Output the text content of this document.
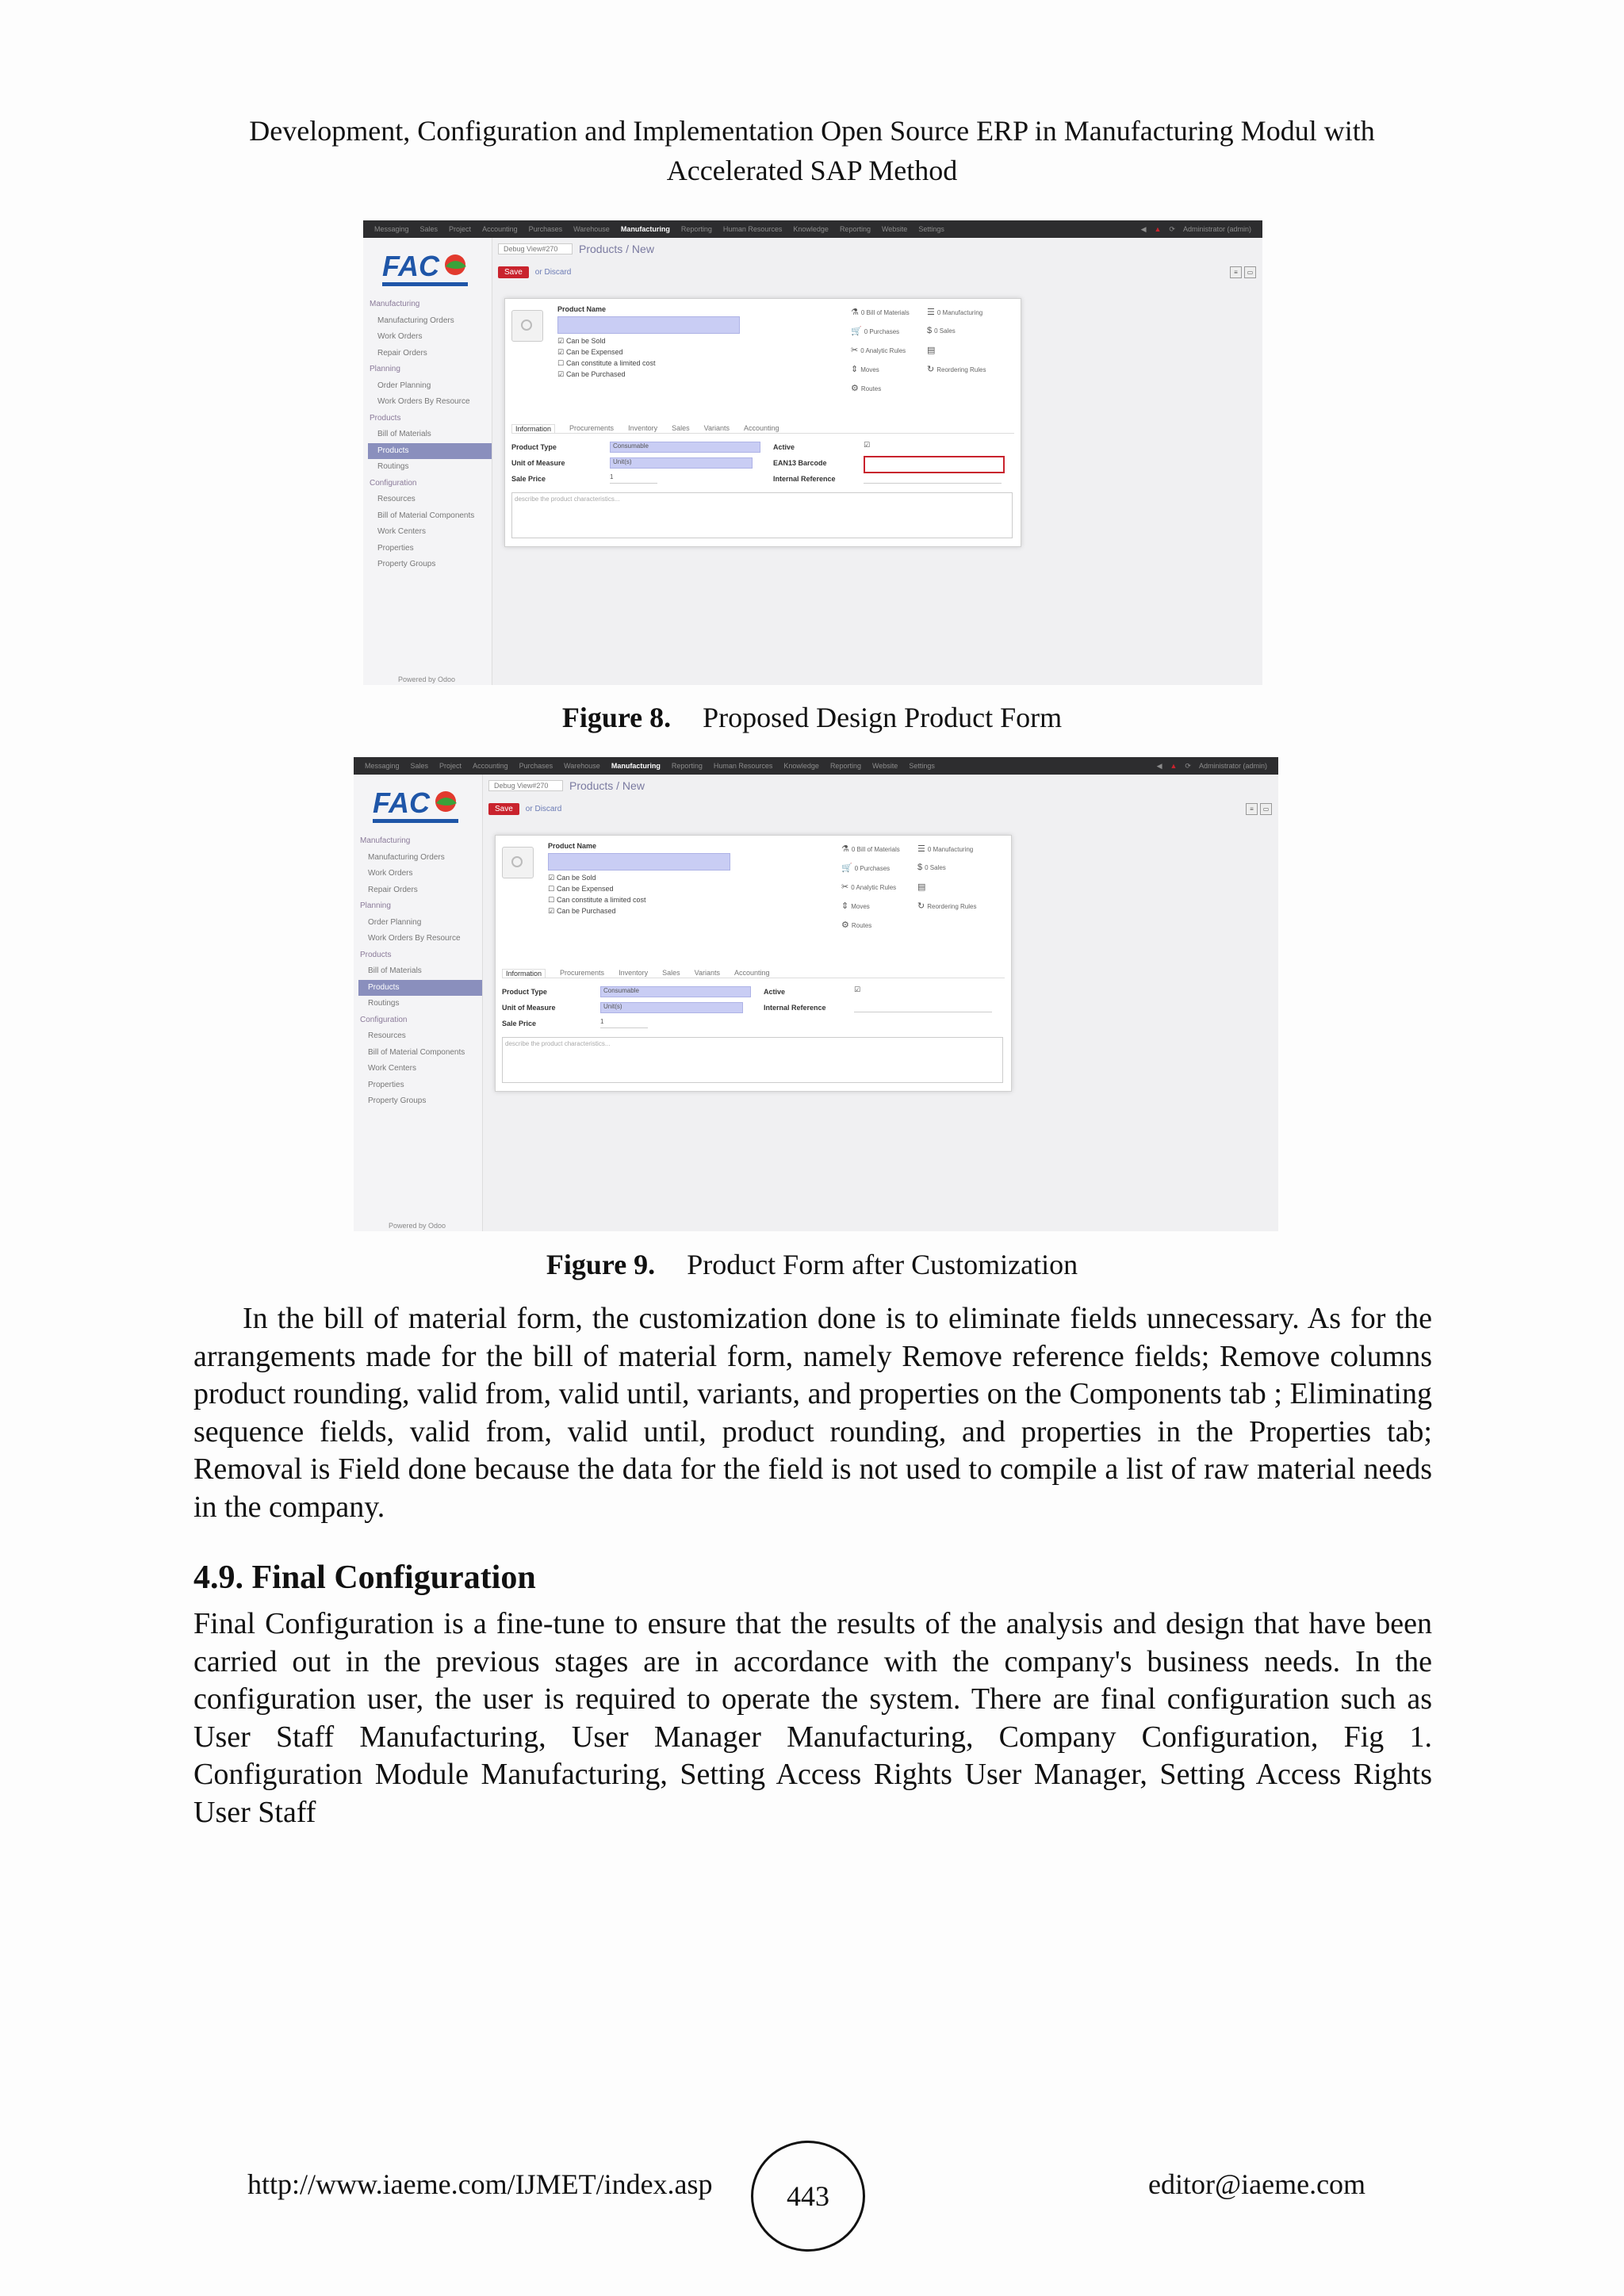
Development, Configuration and Implementation Open Source ERP in Manufacturing Modul with
Accelerated SAP Method
Messaging Sales Project Accounting Purchases Warehouse Manufacturing Reporting Human Resources Knowledge Reporting Website Settings	◀ ▲ ⟳ Administrator (admin)
FAC
Manufacturing
Manufacturing Orders
Work Orders
Repair Orders
Planning
Order Planning
Work Orders By Resource
Products
Bill of Materials
Products
Routings
Configuration
Resources
Bill of Material Components
Work Centers
Properties
Property Groups
Powered by Odoo
Debug View#270	Products / New
Save	or Discard	≡	▭
Product Name
☑ Can be Sold
☑ Can be Expensed
☐ Can constitute a limited cost
☑ Can be Purchased
⚗ 0 Bill of Materials ☰ 0 Manufacturing
🛒 0 Purchases	$ 0 Sales
✂ 0 Analytic Rules ▤
⇕ Moves	↻ Reordering Rules
⚙ Routes
Information	Procurements Inventory Sales Variants Accounting
Product Type	Consumable
Unit of Measure	Unit(s)
Sale Price	1
Active	☑
EAN13 Barcode
Internal Reference
describe the product characteristics...
Figure 8. Proposed Design Product Form
Messaging Sales Project Accounting Purchases Warehouse Manufacturing Reporting Human Resources Knowledge Reporting Website Settings	◀ ▲ ⟳ Administrator (admin)
FAC
Manufacturing
Manufacturing Orders
Work Orders
Repair Orders
Planning
Order Planning
Work Orders By Resource
Products
Bill of Materials
Products
Routings
Configuration
Resources
Bill of Material Components
Work Centers
Properties
Property Groups
Powered by Odoo
Debug View#270	Products / New
Save	or Discard	≡	▭
Product Name
☑ Can be Sold
☐ Can be Expensed
☐ Can constitute a limited cost
☑ Can be Purchased
⚗ 0 Bill of Materials ☰ 0 Manufacturing
🛒 0 Purchases	$ 0 Sales
✂ 0 Analytic Rules ▤
⇕ Moves	↻ Reordering Rules
⚙ Routes
Information	Procurements Inventory Sales Variants Accounting
Product Type	Consumable
Unit of Measure	Unit(s)
Sale Price	1
Active	☑
Internal Reference
describe the product characteristics...
Figure 9. Product Form after Customization

In the bill of material form, the customization done is to eliminate fields unnecessary. As for the arrangements made for the bill of material form, namely Remove reference fields; Remove columns product rounding, valid from, valid until, variants, and properties on the Components tab ; Eliminating sequence fields, valid from, valid until, product rounding, and properties in the Properties tab; Removal is Field done because the data for the field is not used to compile a list of raw material needs in the company.

4.9. Final Configuration

Final Configuration is a fine-tune to ensure that the results of the analysis and design that have been carried out in the previous stages are in accordance with the company's business needs. In the configuration user, the user is required to operate the system. There are final configuration such as User Staff Manufacturing, User Manager Manufacturing, Company Configuration, Fig 1. Configuration Module Manufacturing, Setting Access Rights User Manager, Setting Access Rights User Staff

http://www.iaeme.com/IJMET/index.asp	443	editor@iaeme.com
